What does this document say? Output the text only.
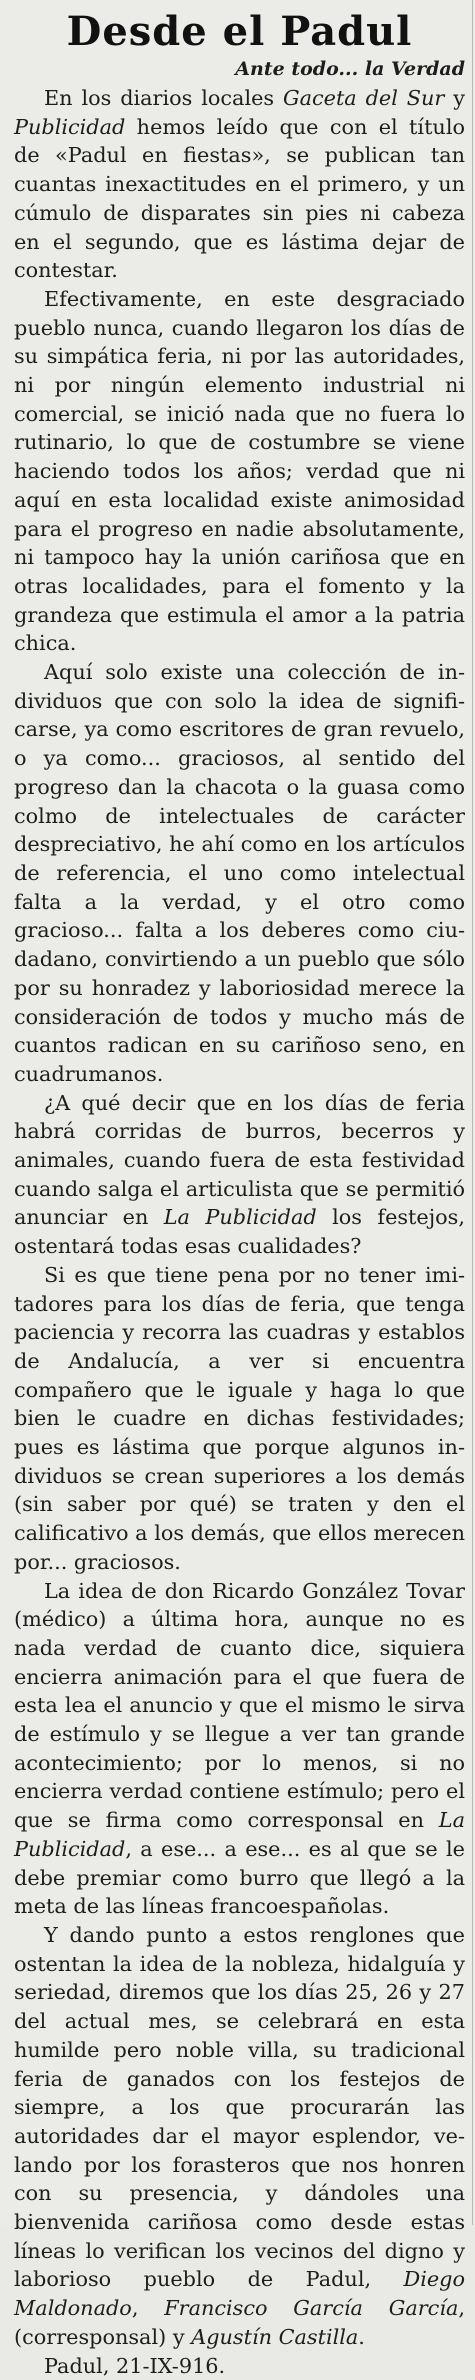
Desde el Padul
Ante todo... la Verdad

En los diarios locales Gaceta del Sur y Publicidad hemos leído que con el título de «Padul en fiestas», se publican tan cuantas inexactitudes en el primero, y un cúmulo de disparates sin pies ni cabeza en el segundo, que es lástima dejar de contestar.

Efectivamente, en este desgraciado pueblo nunca, cuando llegaron los días de su simpática feria, ni por las autoridades, ni por ningún elemento industrial ni comercial, se inició nada que no fuera lo rutinario, lo que de costumbre se viene haciendo todos los años; verdad que ni aquí en esta localidad existe animosidad para el progreso en nadie absolutamente, ni tampoco hay la unión cariñosa que en otras localidades, para el fomento y la grandeza que estimula el amor a la patria chica.

Aquí solo existe una colección de individuos que con solo la idea de significarse, ya como escritores de gran revuelo, o ya como... graciosos, al sentido del progreso dan la chacota o la guasa como colmo de intelectuales de carácter despreciativo, he ahí como en los artículos de referencia, el uno como intelectual falta a la verdad, y el otro como gracioso... falta a los deberes como ciudadano, convirtiendo a un pueblo que sólo por su honradez y laboriosidad merece la consideración de todos y mucho más de cuantos radican en su cariñoso seno, en cuadrumanos.

¿A qué decir que en los días de feria habrá corridas de burros, becerros y animales, cuando fuera de esta festividad cuando salga el articulista que se permitió anunciar en La Publicidad los festejos, ostentará todas esas cualidades?

Si es que tiene pena por no tener imitadores para los días de feria, que tenga paciencia y recorra las cuadras y establos de Andalucía, a ver si encuentra compañero que le iguale y haga lo que bien le cuadre en dichas festividades; pues es lástima que porque algunos individuos se crean superiores a los demás (sin saber por qué) se traten y den el calificativo a los demás, que ellos merecen por... graciosos.

La idea de don Ricardo González Tovar (médico) a última hora, aunque no es nada verdad de cuanto dice, siquiera encierra animación para el que fuera de esta lea el anuncio y que el mismo le sirva de estímulo y se llegue a ver tan grande acontecimiento; por lo menos, si no encierra verdad contiene estímulo; pero el que se firma como corresponsal en La Publicidad, a ese... a ese... es al que se le debe premiar como burro que llegó a la meta de las líneas francoespañolas.

Y dando punto a estos renglones que ostentan la idea de la nobleza, hidalguía y seriedad, diremos que los días 25, 26 y 27 del actual mes, se celebrará en esta humilde pero noble villa, su tradicional feria de ganados con los festejos de siempre, a los que procurarán las autoridades dar el mayor esplendor, velando por los forasteros que nos honren con su presencia, y dándoles una bienvenida cariñosa como desde estas líneas lo verifican los vecinos del digno y laborioso pueblo de Padul, Diego Maldonado, Francisco García García, (corresponsal) y Agustín Castilla.

Padul, 21-IX-916.
